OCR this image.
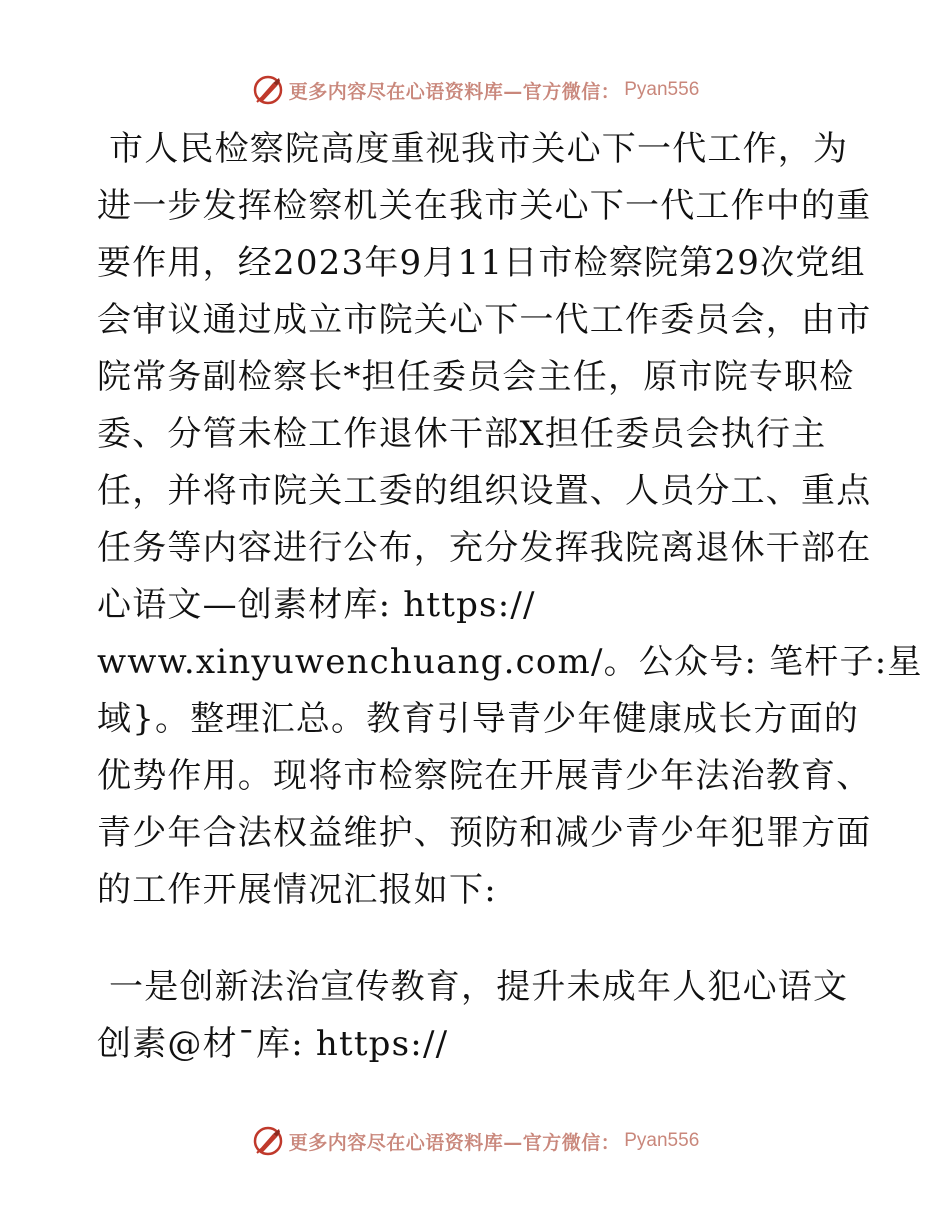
更多内容尽在心语资料库—官方微信： Pyan556
市人民检察院高度重视我市关心下一代工作，为
进一步发挥检察机关在我市关心下一代工作中的重
要作用，经2023年9月11日市检察院第29次党组
会审议通过成立市院关心下一代工作委员会，由市
院常务副检察长*担任委员会主任，原市院专职检
委、分管未检工作退休干部X担任委员会执行主
任，并将市院关工委的组织设置、人员分工、重点
任务等内容进行公布，充分发挥我院离退休干部在
心语文—创素材库: https://
www.xinyuwenchuang.com/。公众号: 笔杆子:星
域}。整理汇总。教育引导青少年健康成长方面的
优势作用。现将市检察院在开展青少年法治教育、
青少年合法权益维护、预防和减少青少年犯罪方面
的工作开展情况汇报如下:
一是创新法治宣传教育，提升未成年人犯心语文
创素@材¯库: https://
更多内容尽在心语资料库—官方微信： Pyan556
